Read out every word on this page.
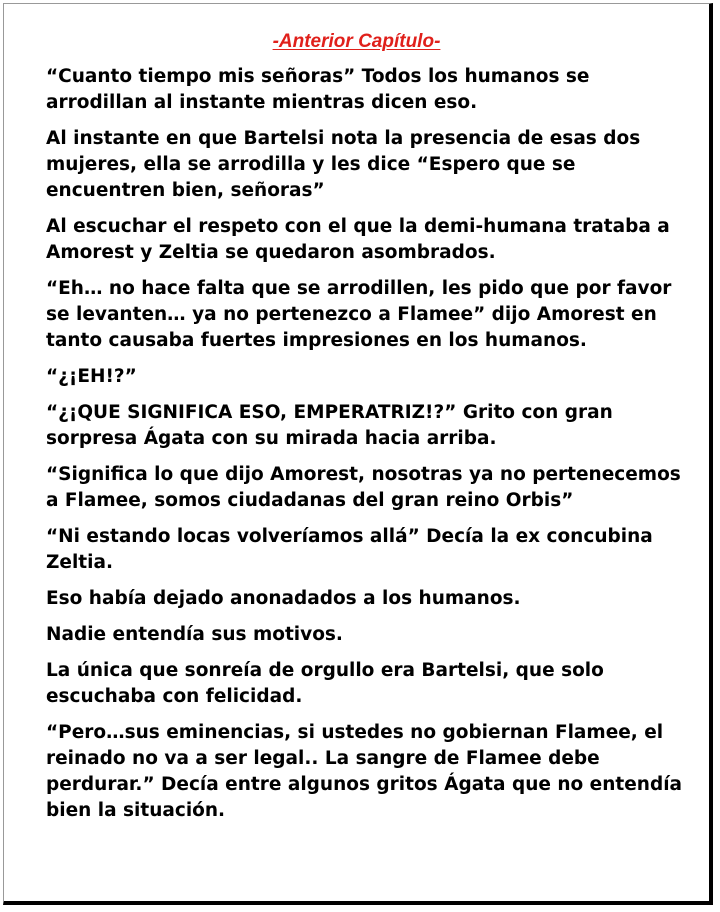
-Anterior Capítulo-

“Cuanto tiempo mis señoras” Todos los humanos se arrodillan al instante mientras dicen eso.

Al instante en que Bartelsi nota la presencia de esas dos mujeres, ella se arrodilla y les dice “Espero que se encuentren bien, señoras”

Al escuchar el respeto con el que la demi-humana trataba a Amorest y Zeltia se quedaron asombrados.

“Eh… no hace falta que se arrodillen, les pido que por favor se levanten… ya no pertenezco a Flamee” dijo Amorest en tanto causaba fuertes impresiones en los humanos.

“¿¡EH!?”

“¿¡QUE SIGNIFICA ESO, EMPERATRIZ!?” Grito con gran sorpresa Ágata con su mirada hacia arriba.

“Significa lo que dijo Amorest, nosotras ya no pertenecemos a Flamee, somos ciudadanas del gran reino Orbis”

“Ni estando locas volveríamos allá” Decía la ex concubina Zeltia.

Eso había dejado anonadados a los humanos.

Nadie entendía sus motivos.

La única que sonreía de orgullo era Bartelsi, que solo escuchaba con felicidad.

“Pero…sus eminencias, si ustedes no gobiernan Flamee, el reinado no va a ser legal.. La sangre de Flamee debe perdurar.” Decía entre algunos gritos Ágata que no entendía bien la situación.
